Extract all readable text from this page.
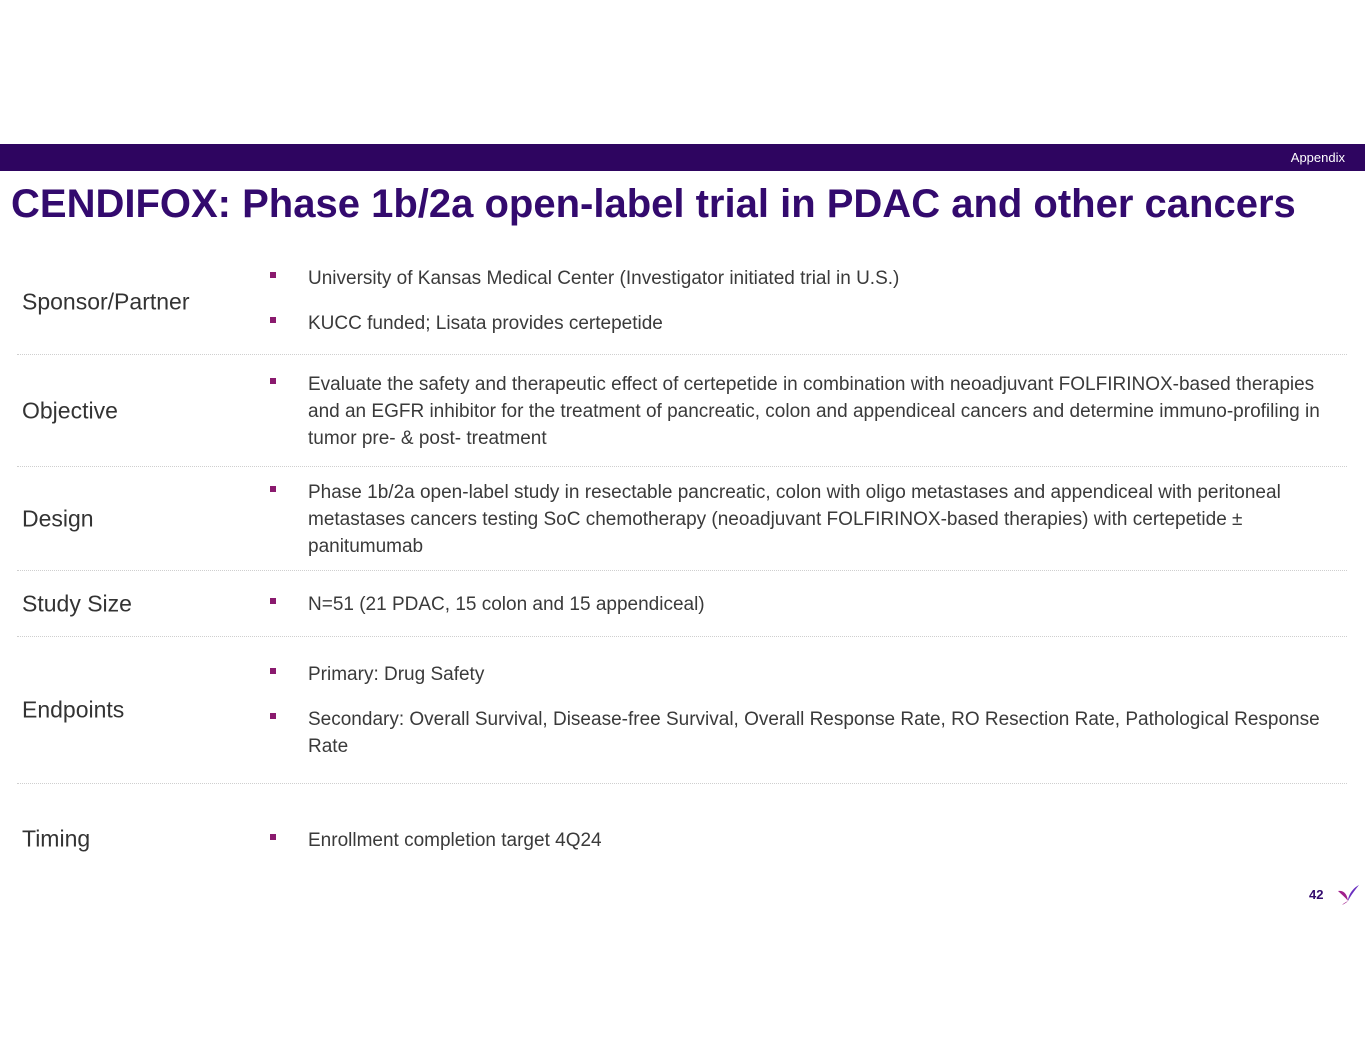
Appendix
CENDIFOX: Phase 1b/2a open-label trial in PDAC and other cancers
Sponsor/Partner
University of Kansas Medical Center (Investigator initiated trial in U.S.)
KUCC funded; Lisata provides certepetide
Objective
Evaluate the safety and therapeutic effect of certepetide in combination with neoadjuvant FOLFIRINOX-based therapies and an EGFR inhibitor for the treatment of pancreatic, colon and appendiceal cancers and determine immuno-profiling in tumor pre- & post- treatment
Design
Phase 1b/2a open-label study in resectable pancreatic, colon with oligo metastases and appendiceal with peritoneal metastases cancers testing SoC chemotherapy (neoadjuvant FOLFIRINOX-based therapies) with certepetide ± panitumumab
Study Size	N=51 (21 PDAC, 15 colon and 15 appendiceal)
Endpoints
Primary: Drug Safety
Secondary: Overall Survival, Disease-free Survival, Overall Response Rate, RO Resection Rate, Pathological Response Rate
Timing	Enrollment completion target 4Q24
42
